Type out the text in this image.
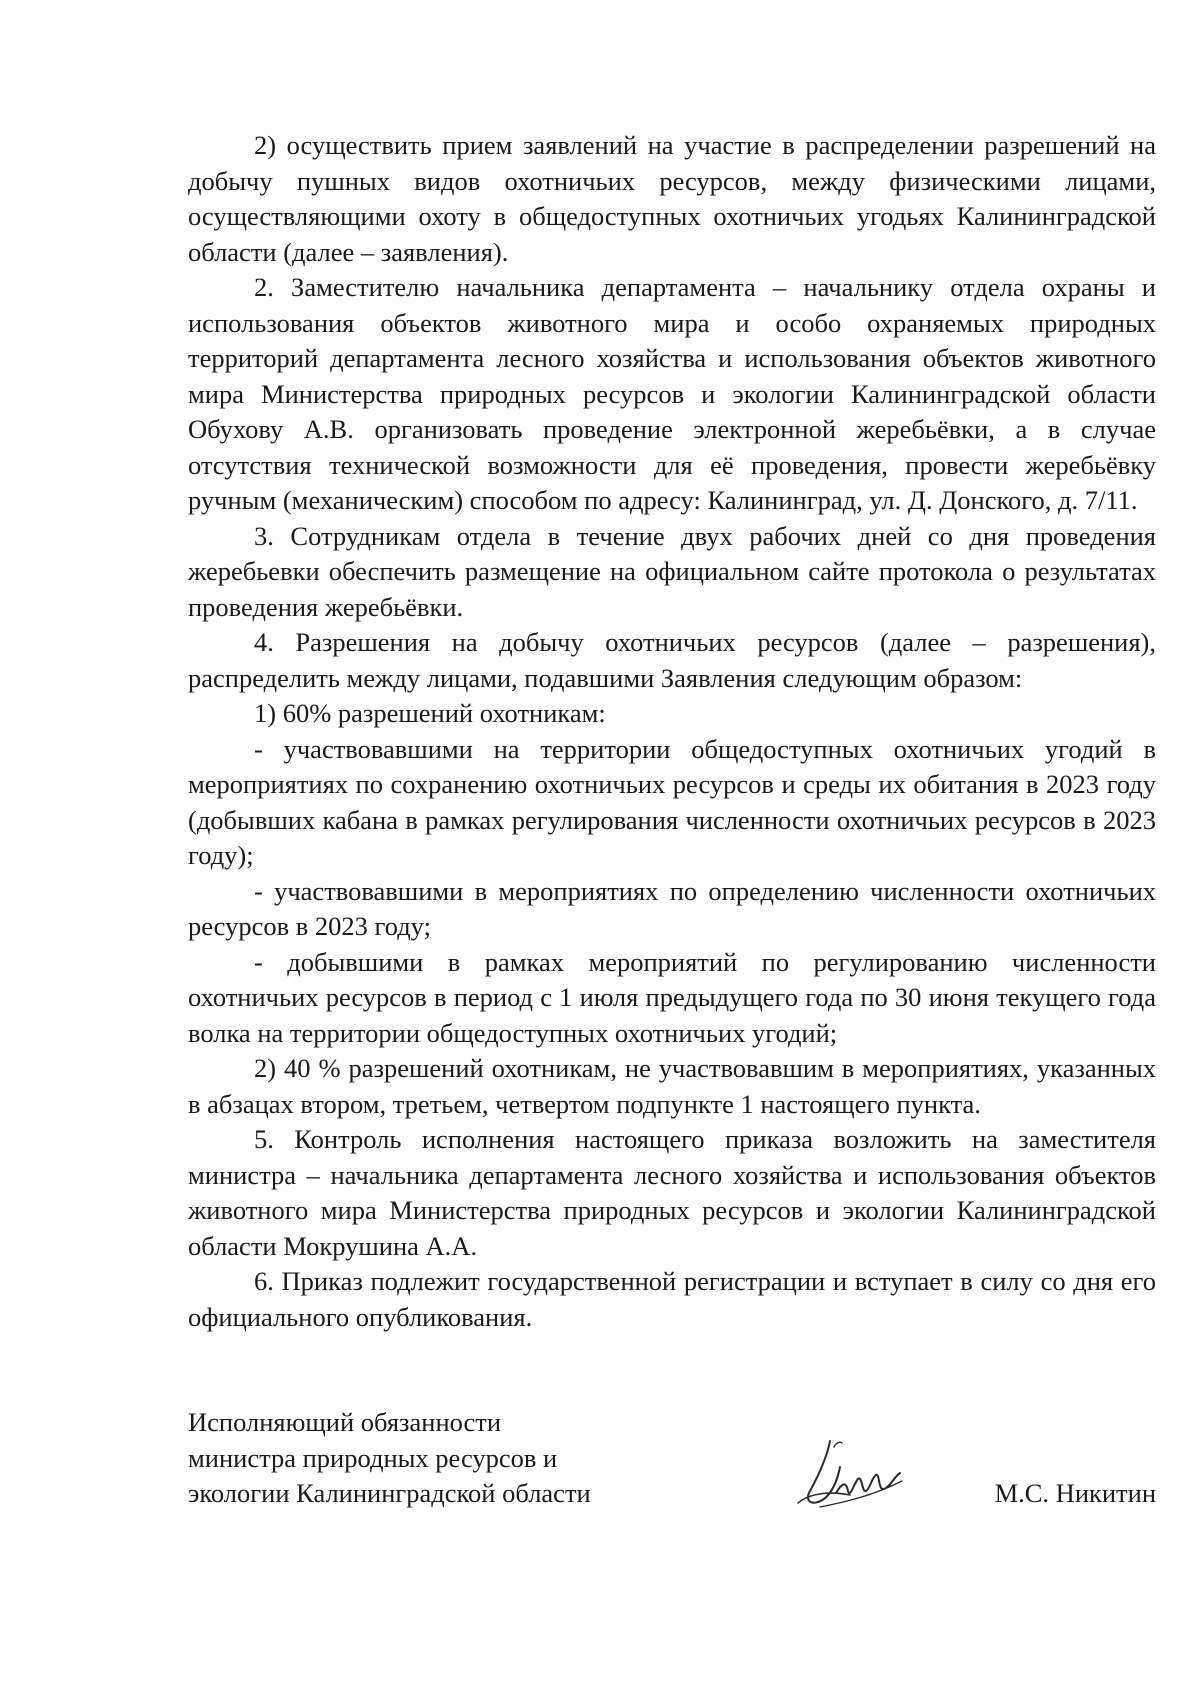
2) осуществить прием заявлений на участие в распределении разрешений на добычу пушных видов охотничьих ресурсов, между физическими лицами, осуществляющими охоту в общедоступных охотничьих угодьях Калининградской области (далее – заявления).

2. Заместителю начальника департамента – начальнику отдела охраны и использования объектов животного мира и особо охраняемых природных территорий департамента лесного хозяйства и использования объектов животного мира Министерства природных ресурсов и экологии Калининградской области Обухову А.В. организовать проведение электронной жеребьёвки, а в случае отсутствия технической возможности для её проведения, провести жеребьёвку ручным (механическим) способом по адресу: Калининград, ул. Д. Донского, д. 7/11.

3. Сотрудникам отдела в течение двух рабочих дней со дня проведения жеребьевки обеспечить размещение на официальном сайте протокола о результатах проведения жеребьёвки.

4. Разрешения на добычу охотничьих ресурсов (далее – разрешения), распределить между лицами, подавшими Заявления следующим образом:

1) 60% разрешений охотникам:

- участвовавшими на территории общедоступных охотничьих угодий в мероприятиях по сохранению охотничьих ресурсов и среды их обитания в 2023 году (добывших кабана в рамках регулирования численности охотничьих ресурсов в 2023 году);

- участвовавшими в мероприятиях по определению численности охотничьих ресурсов в 2023 году;

- добывшими в рамках мероприятий по регулированию численности охотничьих ресурсов в период с 1 июля предыдущего года по 30 июня текущего года волка на территории общедоступных охотничьих угодий;

2) 40 % разрешений охотникам, не участвовавшим в мероприятиях, указанных в абзацах втором, третьем, четвертом подпункте 1 настоящего пункта.

5. Контроль исполнения настоящего приказа возложить на заместителя министра – начальника департамента лесного хозяйства и использования объектов животного мира Министерства природных ресурсов и экологии Калининградской области Мокрушина А.А.

6. Приказ подлежит государственной регистрации и вступает в силу со дня его официального опубликования.

Исполняющий обязанности
министра природных ресурсов и
экологии Калининградской области	М.С. Никитин
